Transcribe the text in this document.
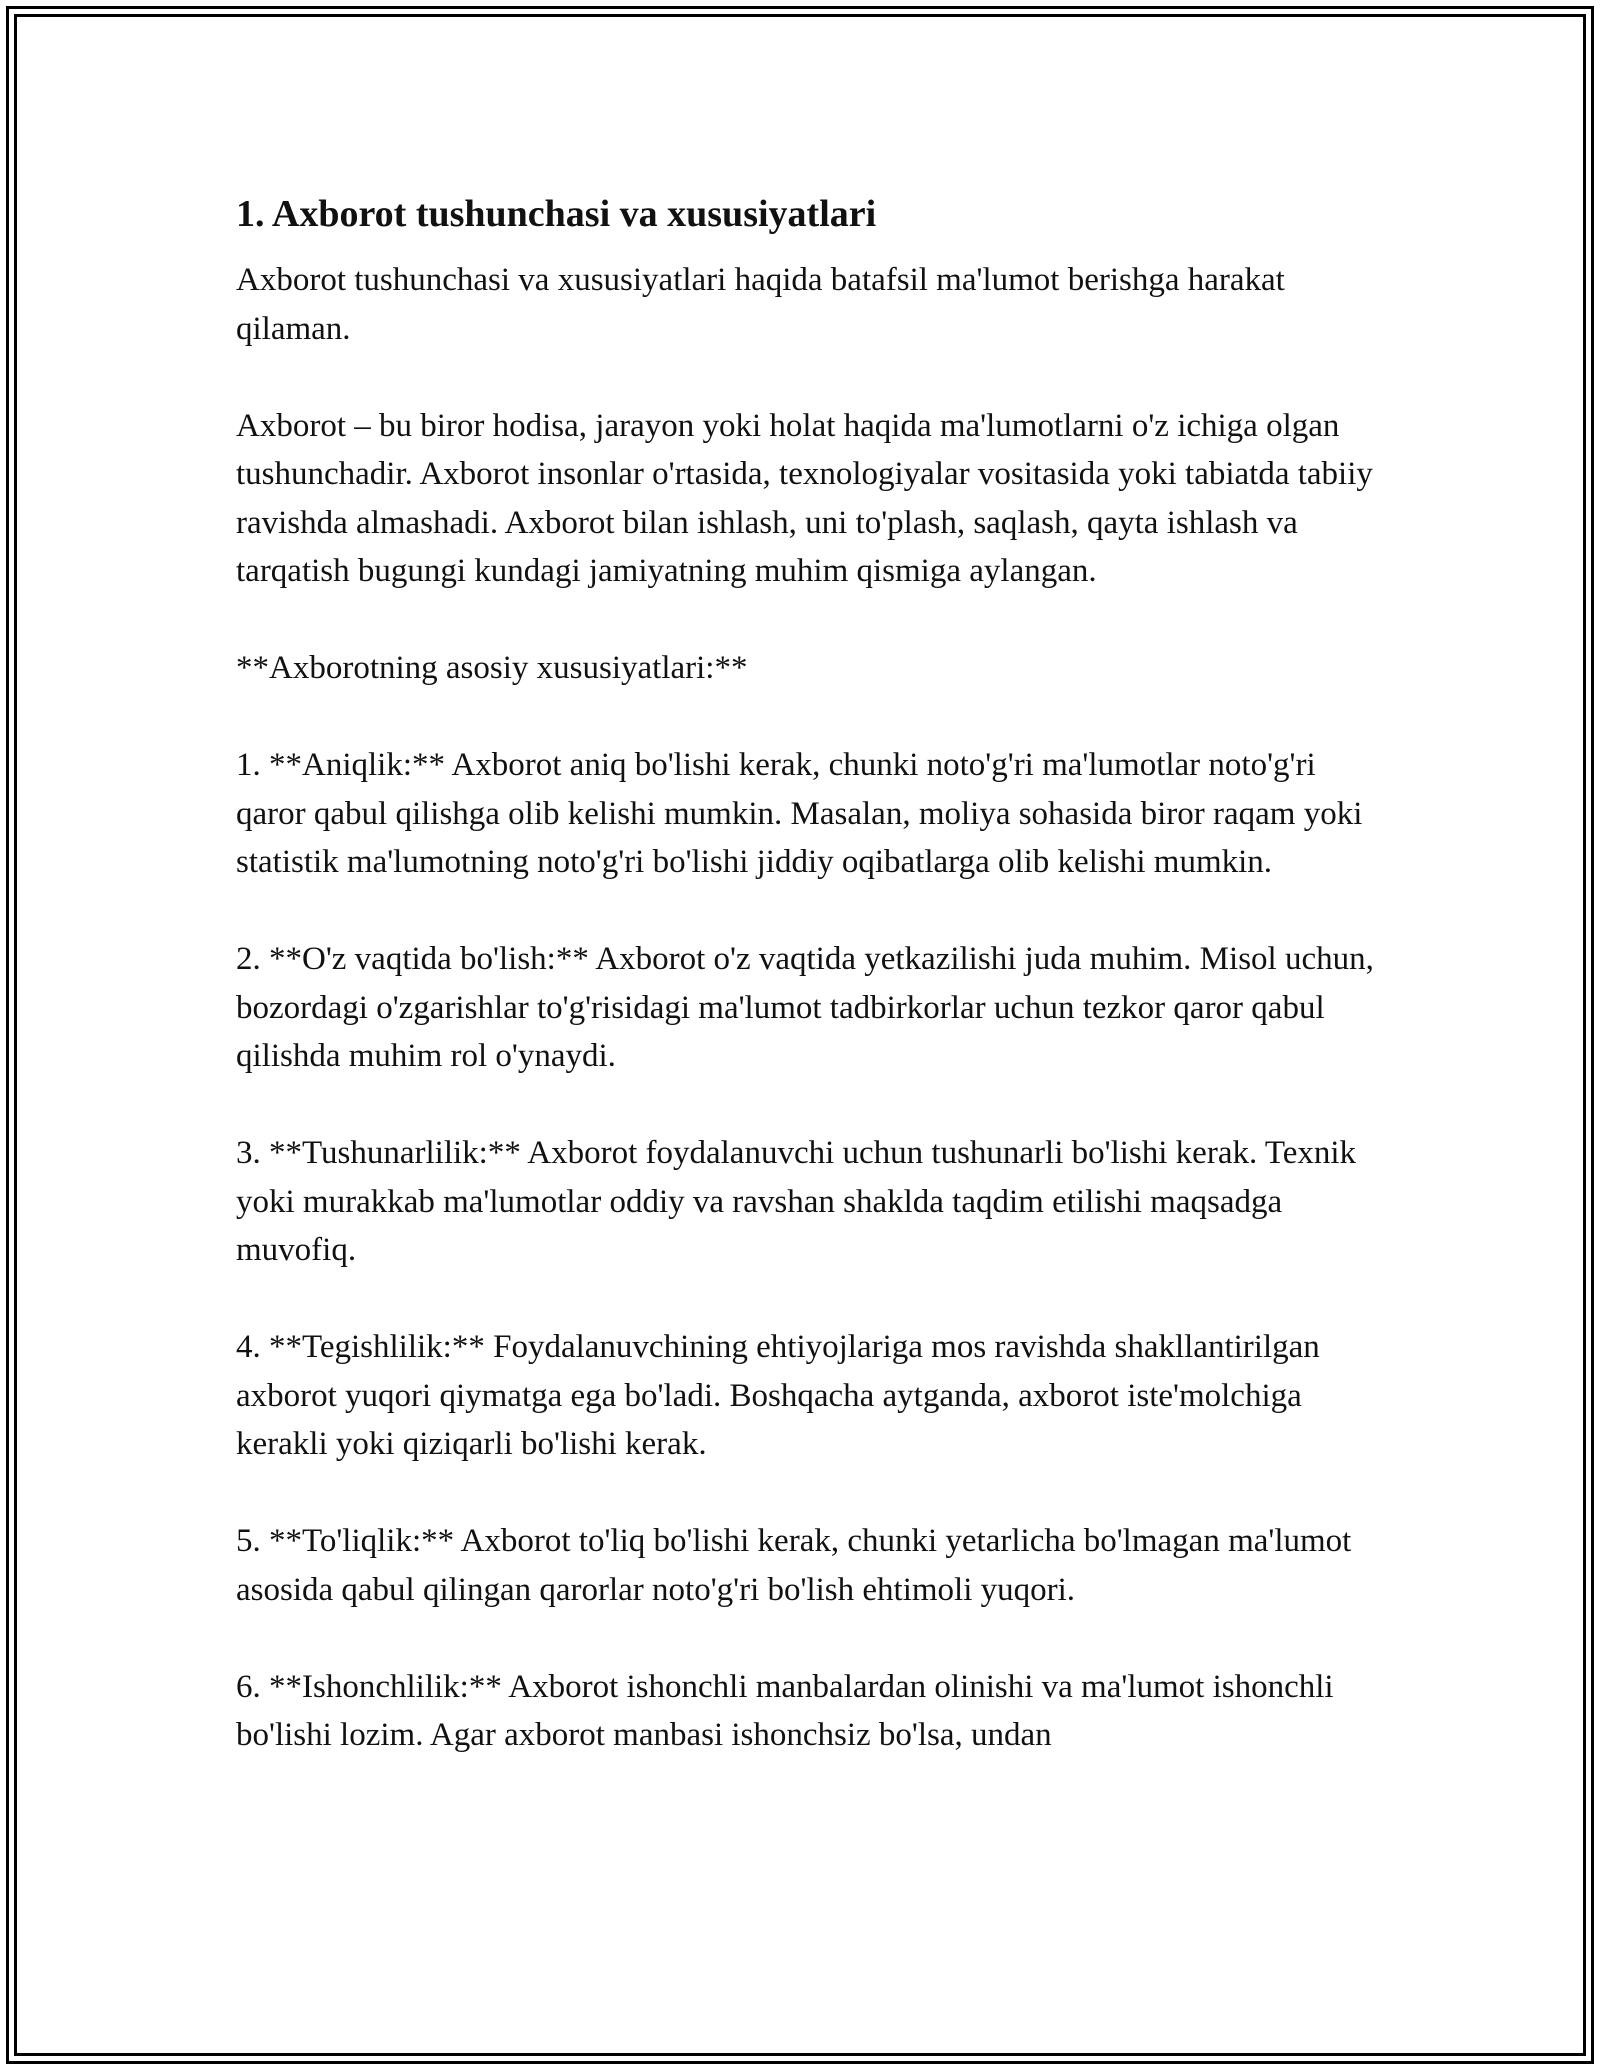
1. Axborot tushunchasi va xususiyatlari

Axborot tushunchasi va xususiyatlari haqida batafsil ma'lumot berishga harakat qilaman.

Axborot – bu biror hodisa, jarayon yoki holat haqida ma'lumotlarni o'z ichiga olgan tushunchadir. Axborot insonlar o'rtasida, texnologiyalar vositasida yoki tabiatda tabiiy ravishda almashadi. Axborot bilan ishlash, uni to'plash, saqlash, qayta ishlash va tarqatish bugungi kundagi jamiyatning muhim qismiga aylangan.

**Axborotning asosiy xususiyatlari:**

1. **Aniqlik:** Axborot aniq bo'lishi kerak, chunki noto'g'ri ma'lumotlar noto'g'ri qaror qabul qilishga olib kelishi mumkin. Masalan, moliya sohasida biror raqam yoki statistik ma'lumotning noto'g'ri bo'lishi jiddiy oqibatlarga olib kelishi mumkin.

2. **O'z vaqtida bo'lish:** Axborot o'z vaqtida yetkazilishi juda muhim. Misol uchun, bozordagi o'zgarishlar to'g'risidagi ma'lumot tadbirkorlar uchun tezkor qaror qabul qilishda muhim rol o'ynaydi.

3. **Tushunarlilik:** Axborot foydalanuvchi uchun tushunarli bo'lishi kerak. Texnik yoki murakkab ma'lumotlar oddiy va ravshan shaklda taqdim etilishi maqsadga muvofiq.

4. **Tegishlilik:** Foydalanuvchining ehtiyojlariga mos ravishda shakllantirilgan axborot yuqori qiymatga ega bo'ladi. Boshqacha aytganda, axborot iste'molchiga kerakli yoki qiziqarli bo'lishi kerak.

5. **To'liqlik:** Axborot to'liq bo'lishi kerak, chunki yetarlicha bo'lmagan ma'lumot asosida qabul qilingan qarorlar noto'g'ri bo'lish ehtimoli yuqori.

6. **Ishonchlilik:** Axborot ishonchli manbalardan olinishi va ma'lumot ishonchli bo'lishi lozim. Agar axborot manbasi ishonchsiz bo'lsa, undan
